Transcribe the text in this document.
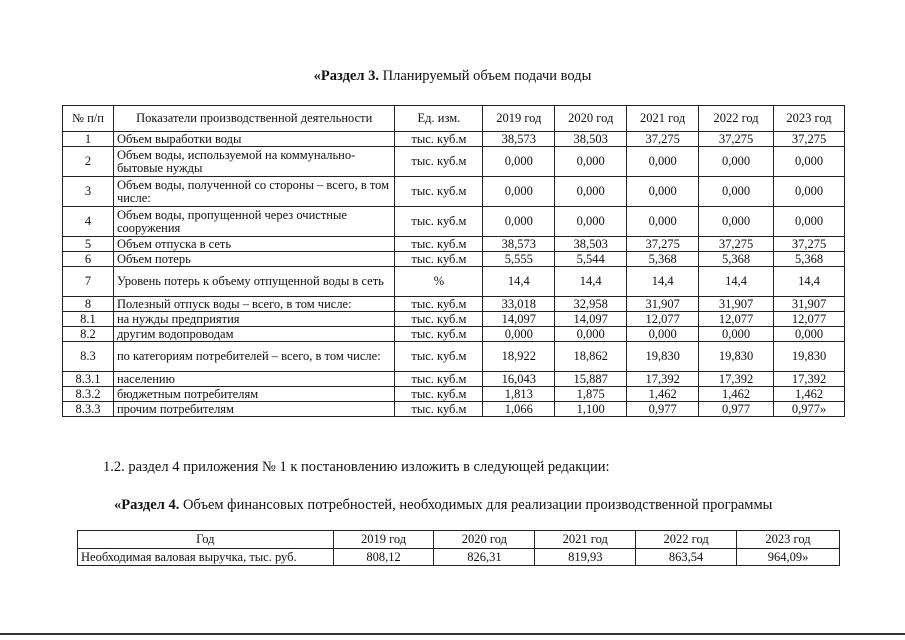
«Раздел 3. Планируемый объем подачи воды
№ п/п	Показатели производственной деятельности	Ед. изм.	2019 год	2020 год	2021 год	2022 год	2023 год
1	Объем выработки воды	тыс. куб.м	38,573	38,503	37,275	37,275	37,275
2	Объем воды, используемой на коммунально-бытовые нужды	тыс. куб.м	0,000	0,000	0,000	0,000	0,000
3	Объем воды, полученной со стороны – всего, в том числе:	тыс. куб.м	0,000	0,000	0,000	0,000	0,000
4	Объем воды, пропущенной через очистные сооружения	тыс. куб.м	0,000	0,000	0,000	0,000	0,000
5	Объем отпуска в сеть	тыс. куб.м	38,573	38,503	37,275	37,275	37,275
6	Объем потерь	тыс. куб.м	5,555	5,544	5,368	5,368	5,368
7	Уровень потерь к объему отпущенной воды в сеть	%	14,4	14,4	14,4	14,4	14,4
8	Полезный отпуск воды – всего, в том числе:	тыс. куб.м	33,018	32,958	31,907	31,907	31,907
8.1	на нужды предприятия	тыс. куб.м	14,097	14,097	12,077	12,077	12,077
8.2	другим водопроводам	тыс. куб.м	0,000	0,000	0,000	0,000	0,000
8.3	по категориям потребителей – всего, в том числе:	тыс. куб.м	18,922	18,862	19,830	19,830	19,830
8.3.1	населению	тыс. куб.м	16,043	15,887	17,392	17,392	17,392
8.3.2	бюджетным потребителям	тыс. куб.м	1,813	1,875	1,462	1,462	1,462
8.3.3	прочим потребителям	тыс. куб.м	1,066	1,100	0,977	0,977	0,977»
1.2. раздел 4 приложения № 1 к постановлению изложить в следующей редакции:
«Раздел 4. Объем финансовых потребностей, необходимых для реализации производственной программы
Год	2019 год	2020 год	2021 год	2022 год	2023 год
Необходимая валовая выручка, тыс. руб.	808,12	826,31	819,93	863,54	964,09»
